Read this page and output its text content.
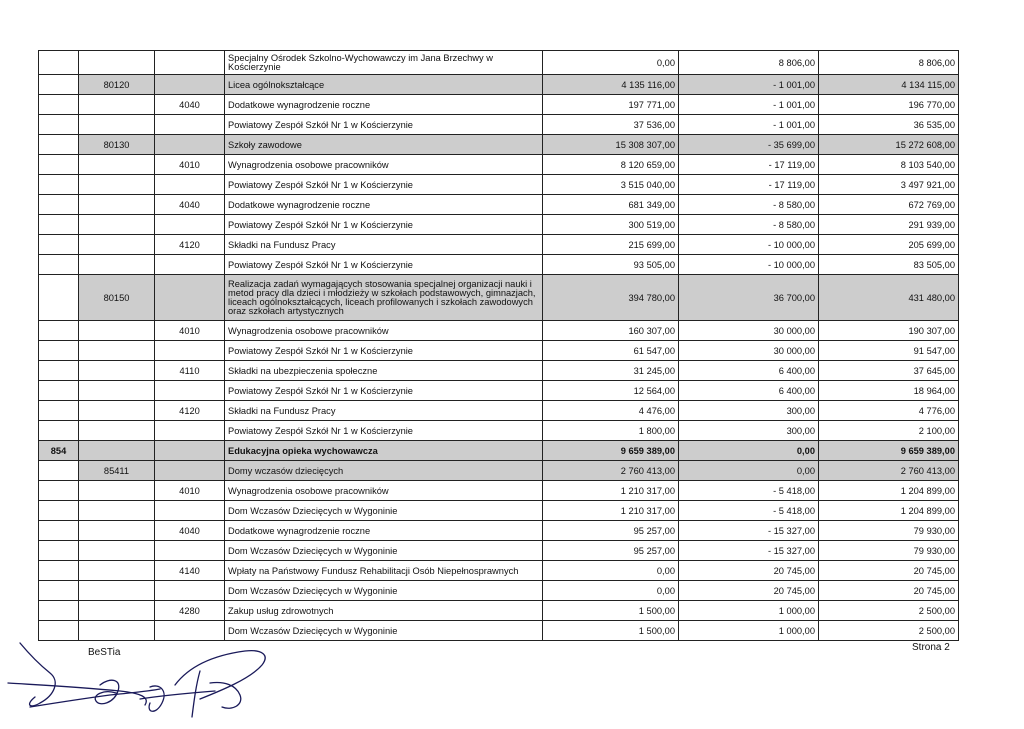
			Specjalny Ośrodek Szkolno-Wychowawczy im Jana Brzechwy w Kościerzynie	0,00	8 806,00	8 806,00
	80120		Licea ogólnokształcące	4 135 116,00	- 1 001,00	4 134 115,00
		4040	Dodatkowe wynagrodzenie roczne	197 771,00	- 1 001,00	196 770,00
			Powiatowy Zespół Szkół Nr 1 w Kościerzynie	37 536,00	- 1 001,00	36 535,00
	80130		Szkoły zawodowe	15 308 307,00	- 35 699,00	15 272 608,00
		4010	Wynagrodzenia osobowe pracowników	8 120 659,00	- 17 119,00	8 103 540,00
			Powiatowy Zespół Szkół Nr 1 w Kościerzynie	3 515 040,00	- 17 119,00	3 497 921,00
		4040	Dodatkowe wynagrodzenie roczne	681 349,00	- 8 580,00	672 769,00
			Powiatowy Zespół Szkół Nr 1 w Kościerzynie	300 519,00	- 8 580,00	291 939,00
		4120	Składki na Fundusz Pracy	215 699,00	- 10 000,00	205 699,00
			Powiatowy Zespół Szkół Nr 1 w Kościerzynie	93 505,00	- 10 000,00	83 505,00
	80150		Realizacja zadań wymagających stosowania specjalnej organizacji nauki i metod pracy dla dzieci i młodzieży w szkołach podstawowych, gimnazjach, liceach ogólnokształcących, liceach profilowanych i szkołach zawodowych oraz szkołach artystycznych	394 780,00	36 700,00	431 480,00
		4010	Wynagrodzenia osobowe pracowników	160 307,00	30 000,00	190 307,00
			Powiatowy Zespół Szkół Nr 1 w Kościerzynie	61 547,00	30 000,00	91 547,00
		4110	Składki na ubezpieczenia społeczne	31 245,00	6 400,00	37 645,00
			Powiatowy Zespół Szkół Nr 1 w Kościerzynie	12 564,00	6 400,00	18 964,00
		4120	Składki na Fundusz Pracy	4 476,00	300,00	4 776,00
			Powiatowy Zespół Szkół Nr 1 w Kościerzynie	1 800,00	300,00	2 100,00
854			Edukacyjna opieka wychowawcza	9 659 389,00	0,00	9 659 389,00
	85411		Domy wczasów dziecięcych	2 760 413,00	0,00	2 760 413,00
		4010	Wynagrodzenia osobowe pracowników	1 210 317,00	- 5 418,00	1 204 899,00
			Dom Wczasów Dziecięcych w Wygoninie	1 210 317,00	- 5 418,00	1 204 899,00
		4040	Dodatkowe wynagrodzenie roczne	95 257,00	- 15 327,00	79 930,00
			Dom Wczasów Dziecięcych w Wygoninie	95 257,00	- 15 327,00	79 930,00
		4140	Wpłaty na Państwowy Fundusz Rehabilitacji Osób Niepełnosprawnych	0,00	20 745,00	20 745,00
			Dom Wczasów Dziecięcych w Wygoninie	0,00	20 745,00	20 745,00
		4280	Zakup usług zdrowotnych	1 500,00	1 000,00	2 500,00
			Dom Wczasów Dziecięcych w Wygoninie	1 500,00	1 000,00	2 500,00
BeSTia	Strona 2
